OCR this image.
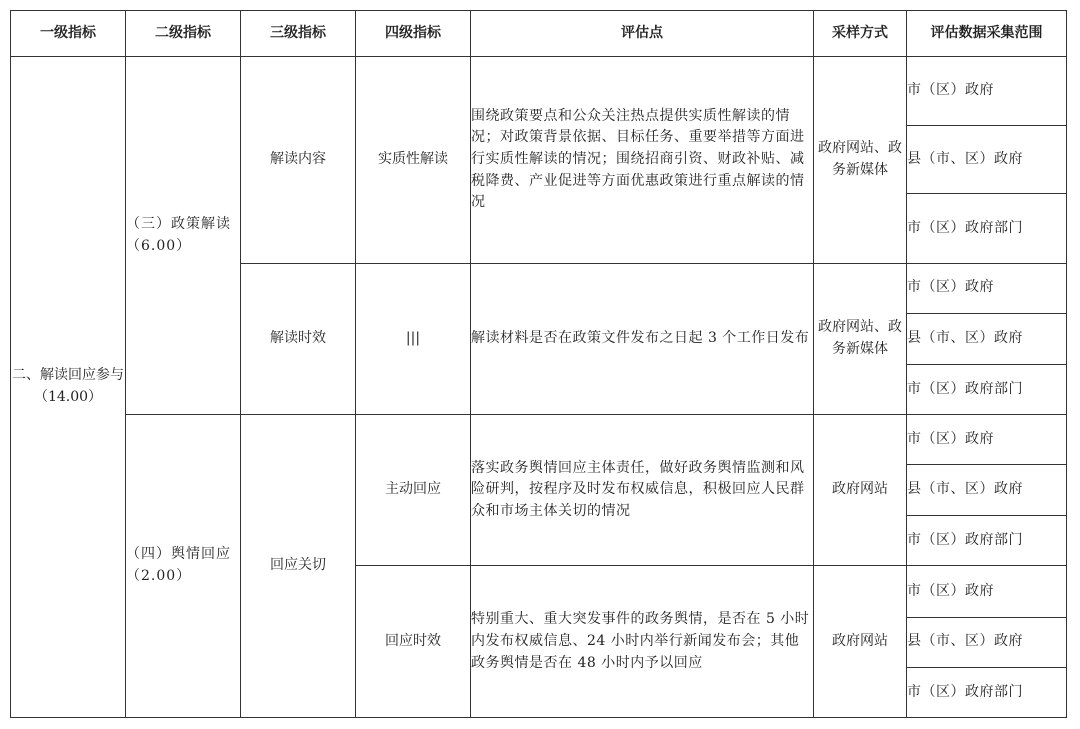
一级指标	二级指标	三级指标	四级指标	评估点	采样方式	评估数据采集范围
二、解读回应参与（14.00）	（三）政策解读（6.00）	解读内容	实质性解读	围绕政策要点和公众关注热点提供实质性解读的情况；对政策背景依据、目标任务、重要举措等方面进行实质性解读的情况；围绕招商引资、财政补贴、减税降费、产业促进等方面优惠政策进行重点解读的情况	政府网站、政务新媒体	市（区）政府
						县（市、区）政府
						市（区）政府部门
		解读时效	|||	解读材料是否在政策文件发布之日起 3 个工作日发布	政府网站、政务新媒体	市（区）政府
						县（市、区）政府
						市（区）政府部门
	（四）舆情回应（2.00）	回应关切	主动回应	落实政务舆情回应主体责任，做好政务舆情监测和风险研判，按程序及时发布权威信息，积极回应人民群众和市场主体关切的情况	政府网站	市（区）政府
						县（市、区）政府
						市（区）政府部门
			回应时效	特别重大、重大突发事件的政务舆情，是否在 5 小时内发布权威信息、24 小时内举行新闻发布会；其他政务舆情是否在 48 小时内予以回应	政府网站	市（区）政府
						县（市、区）政府
						市（区）政府部门
